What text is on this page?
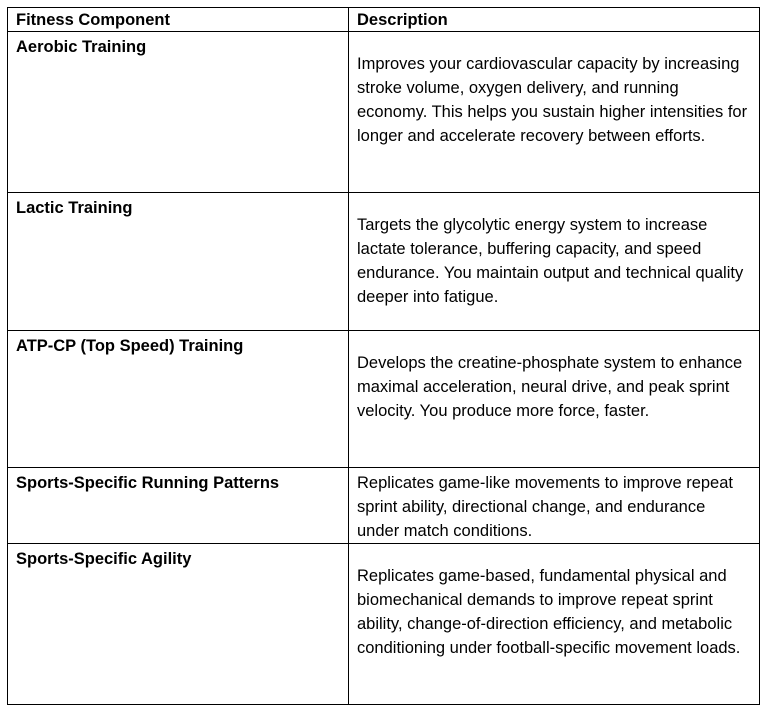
Fitness Component	Description
Aerobic Training	Improves your cardiovascular capacity by increasing stroke volume, oxygen delivery, and running economy. This helps you sustain higher intensities for longer and accelerate recovery between efforts.

Lactic Training	Targets the glycolytic energy system to increase lactate tolerance, buffering capacity, and speed endurance. You maintain output and technical quality deeper into fatigue.

ATP-CP (Top Speed) Training	Develops the creatine-phosphate system to enhance maximal acceleration, neural drive, and peak sprint velocity. You produce more force, faster.

Sports-Specific Running Patterns	Replicates game-like movements to improve repeat sprint ability, directional change, and endurance under match conditions.

Sports-Specific Agility	Replicates game-based, fundamental physical and biomechanical demands to improve repeat sprint ability, change-of-direction efficiency, and metabolic conditioning under football-specific movement loads.
